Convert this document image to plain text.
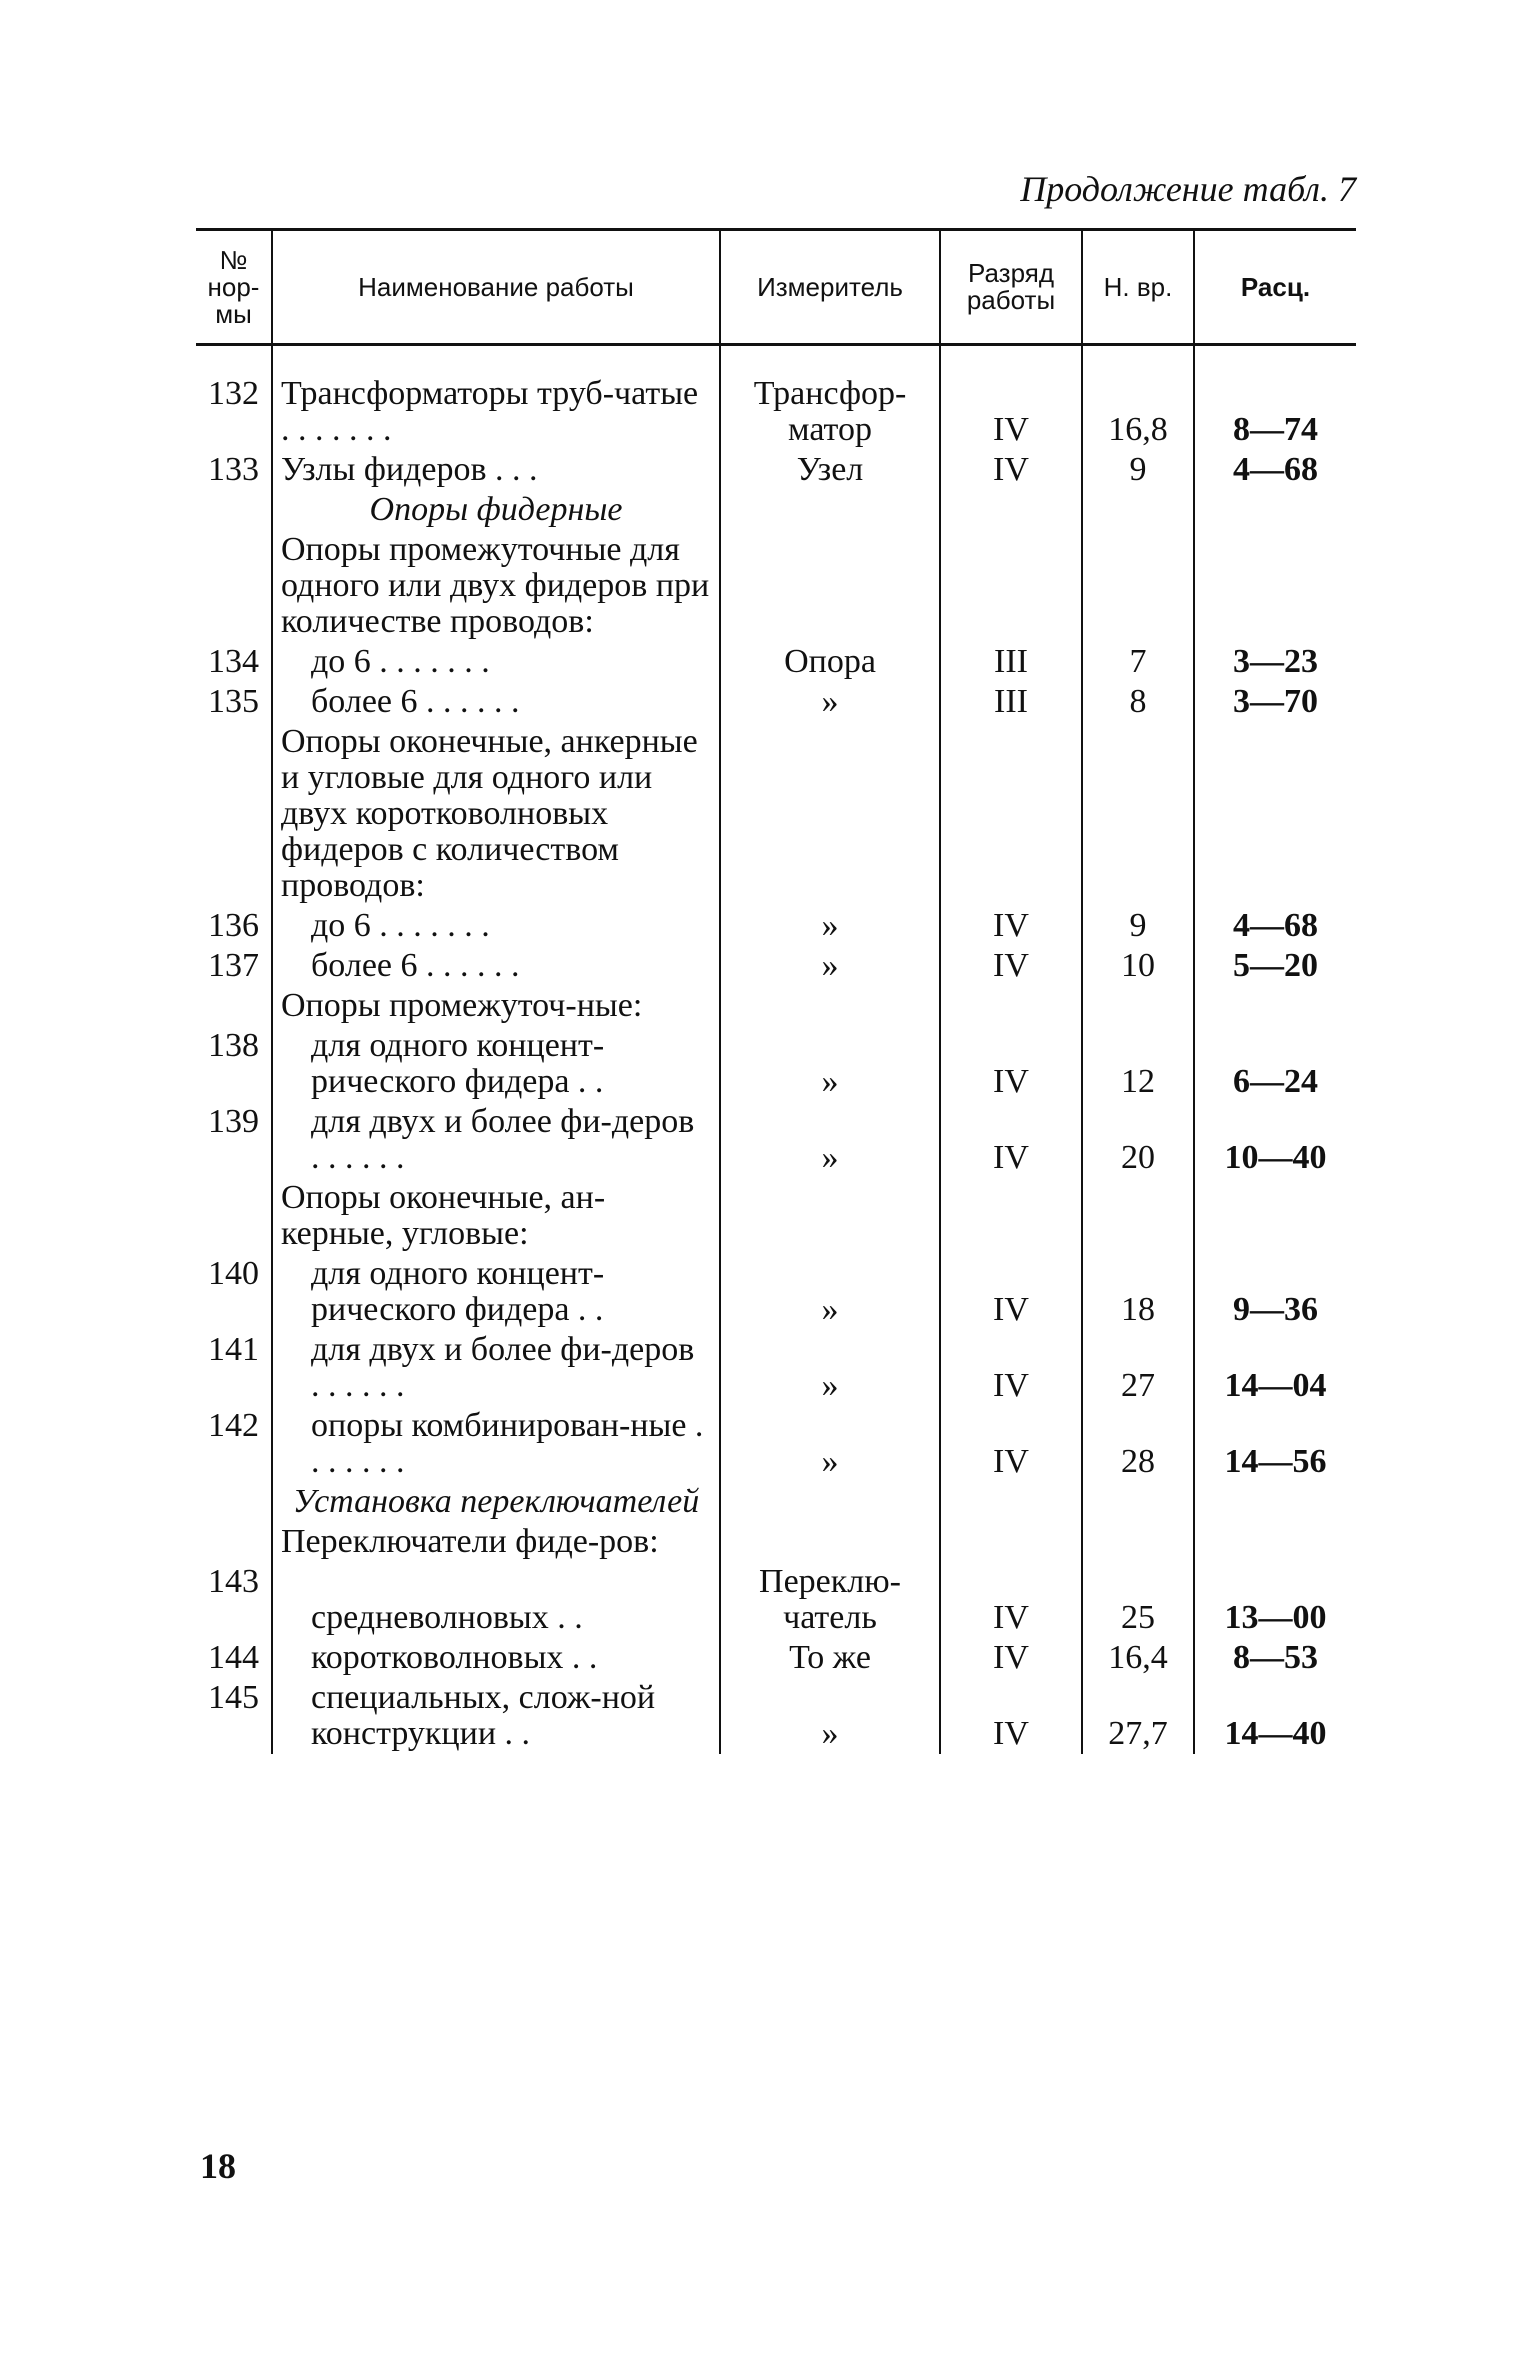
Продолжение табл. 7
№ нор-мы	Наименование работы	Измеритель	Разряд работы	Н. вр.	Расц.
132	Трансформаторы труб-чатые . . . . . . .	Трансфор-матор	IV	16,8	8—74
133	Узлы фидеров . . .	Узел	IV	9	4—68

	Опоры фидерные				

	Опоры промежуточные для одного или двух фидеров при количестве проводов:				

134	до 6 . . . . . . .	Опора	III	7	3—23
135	более 6 . . . . . .	»	III	8	3—70

	Опоры оконечные, анкерные и угловые для одного или двух коротковолновых фидеров с количеством проводов:				

136	до 6 . . . . . . .	»	IV	9	4—68
137	более 6 . . . . . .	»	IV	10	5—20

	Опоры промежуточ-ные:				

138	для одного концент-рического фидера . .	»	IV	12	6—24
139	для двух и более фи-деров . . . . . .	»	IV	20	10—40

	Опоры оконечные, ан-керные, угловые:				

140	для одного концент-рического фидера . .	»	IV	18	9—36
141	для двух и более фи-деров . . . . . .	»	IV	27	14—04
142	опоры комбинирован-ные . . . . . . .	»	IV	28	14—56

	Установка переключателей				

	Переключатели фиде-ров:				

143	средневолновых . .	Переклю-чатель	IV	25	13—00
144	коротковолновых . .	То же	IV	16,4	8—53
145	специальных, слож-ной конструкции . .	»	IV	27,7	14—40
18
